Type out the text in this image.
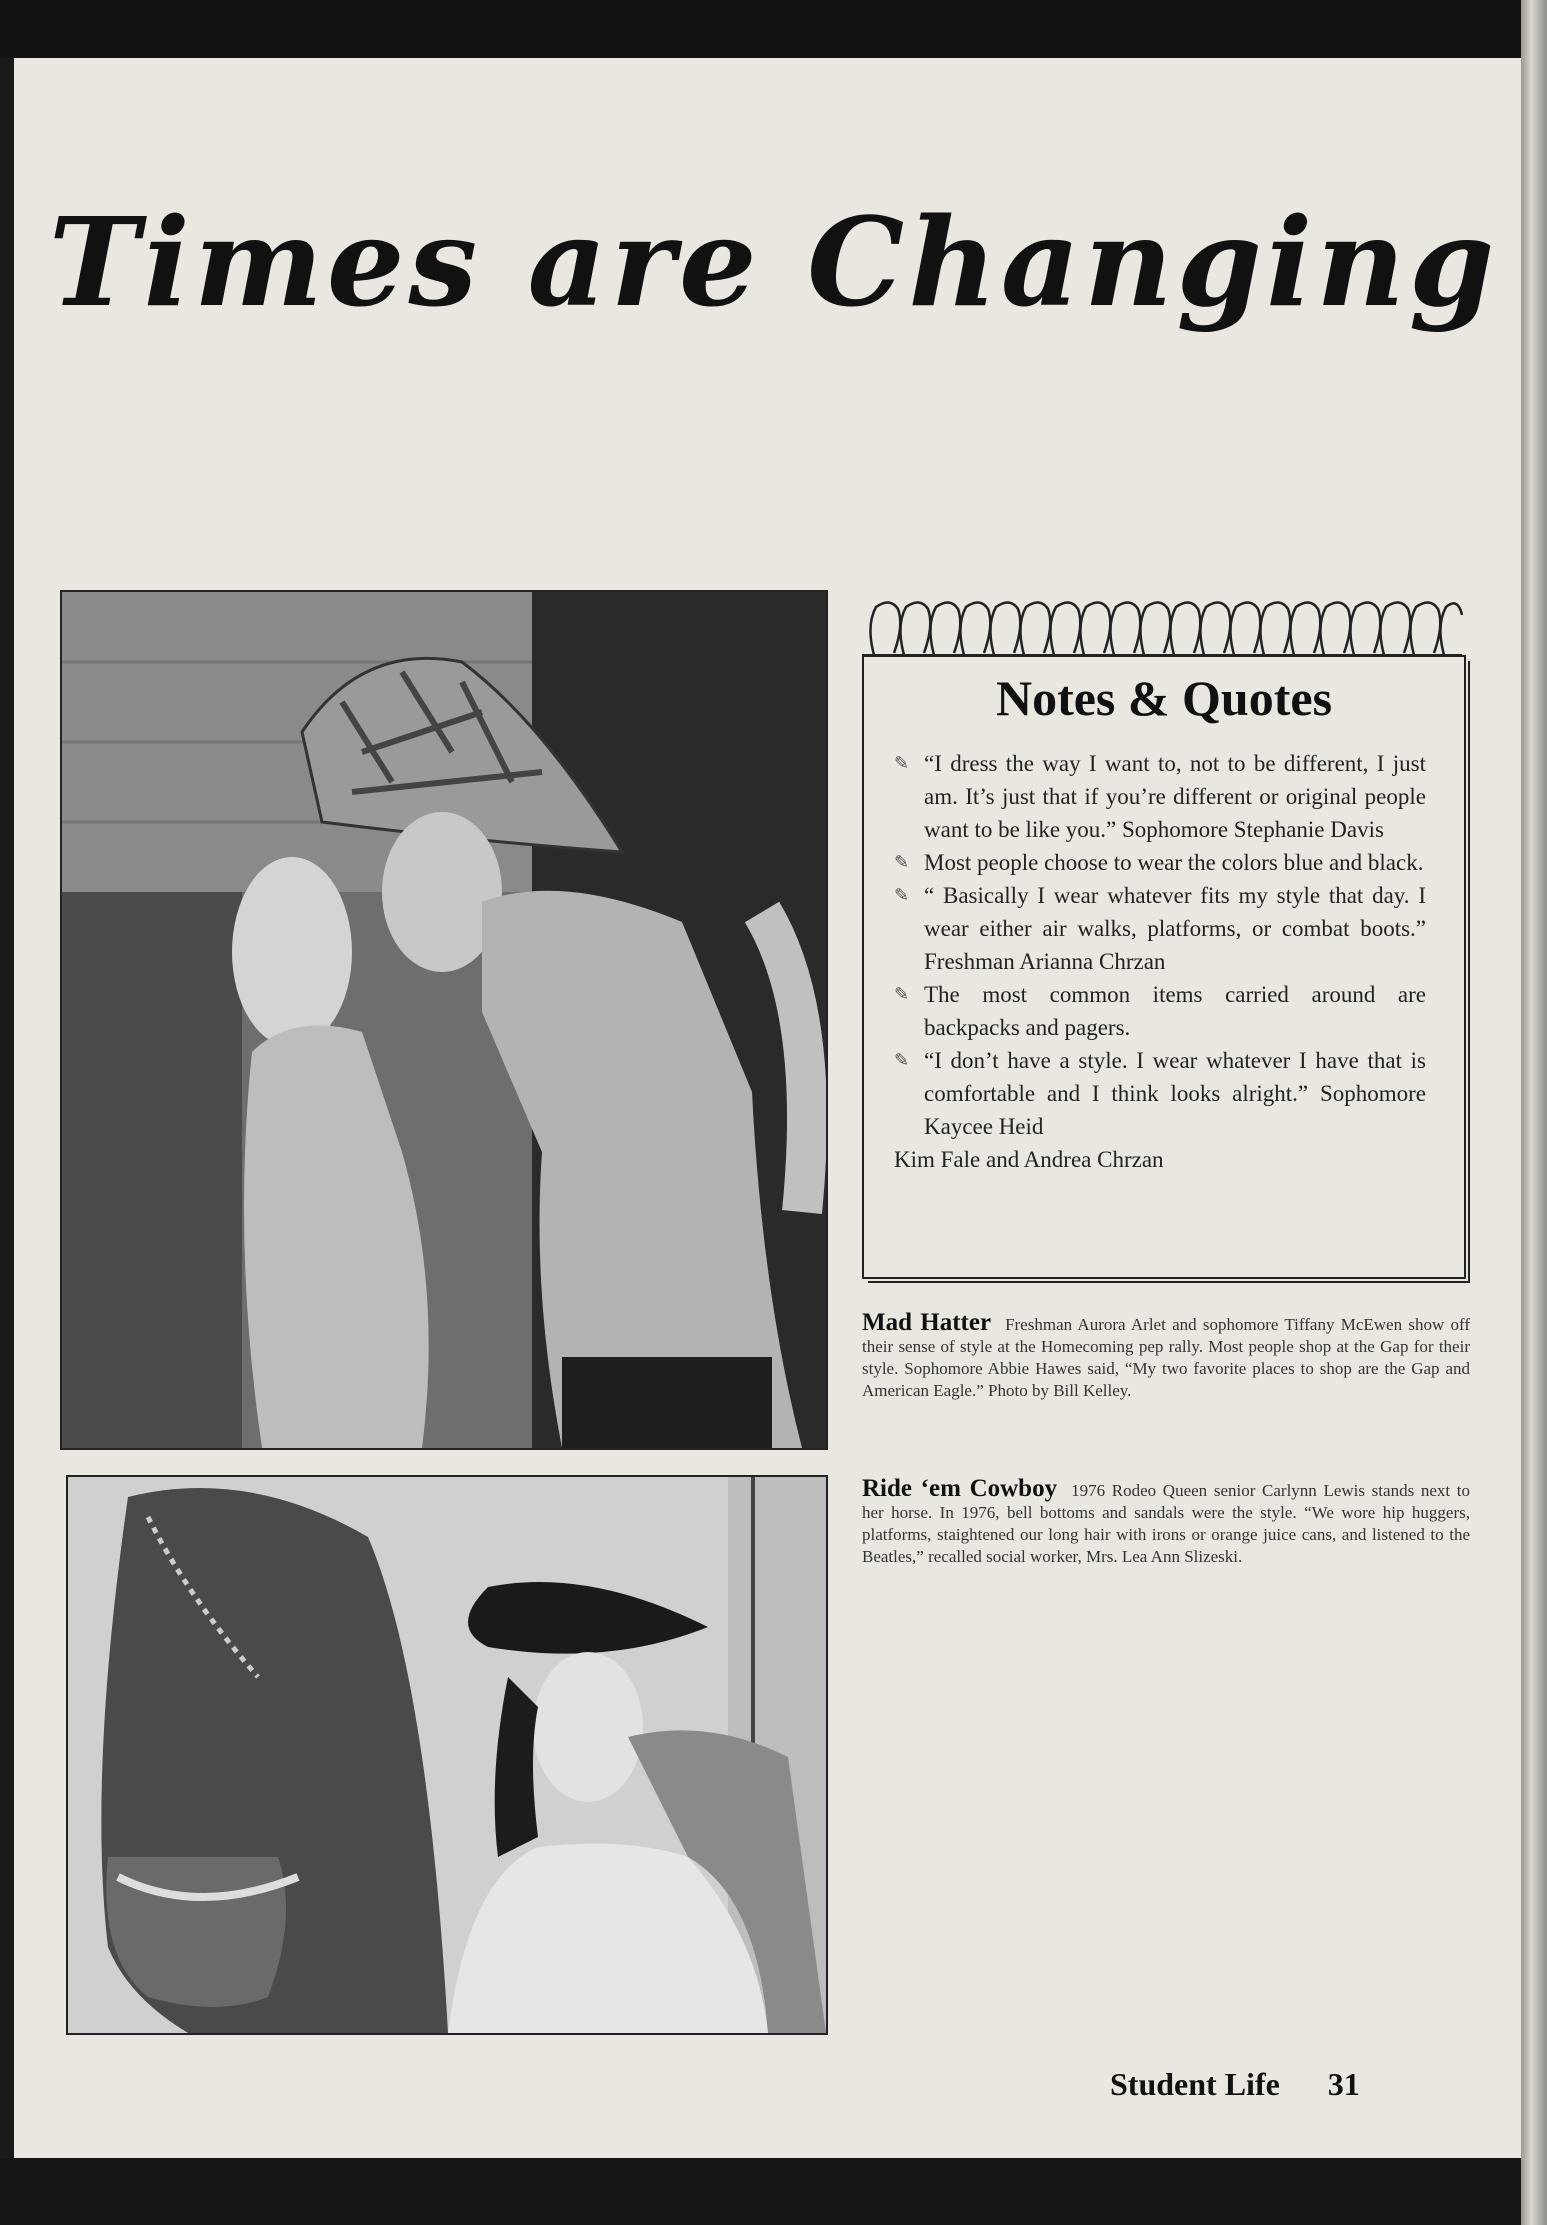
Times are Changing
Notes & Quotes
✎ “I dress the way I want to, not to be different, I just am. It’s just that if you’re different or original people want to be like you.” Sophomore Stephanie Davis
✎ Most people choose to wear the colors blue and black.
✎ “ Basically I wear whatever fits my style that day. I wear either air walks, platforms, or combat boots.” Freshman Arianna Chrzan
✎ The most common items carried around are backpacks and pagers.
✎ “I don’t have a style. I wear whatever I have that is comfortable and I think looks alright.” Sophomore Kaycee Heid
Kim Fale and Andrea Chrzan
Mad Hatter Freshman Aurora Arlet and sophomore Tiffany McEwen show off their sense of style at the Homecoming pep rally. Most people shop at the Gap for their style. Sophomore Abbie Hawes said, “My two favorite places to shop are the Gap and American Eagle.” Photo by Bill Kelley.
Ride ‘em Cowboy 1976 Rodeo Queen senior Carlynn Lewis stands next to her horse. In 1976, bell bottoms and sandals were the style. “We wore hip huggers, platforms, staightened our long hair with irons or orange juice cans, and listened to the Beatles,” recalled social worker, Mrs. Lea Ann Slizeski.
Student Life 31
